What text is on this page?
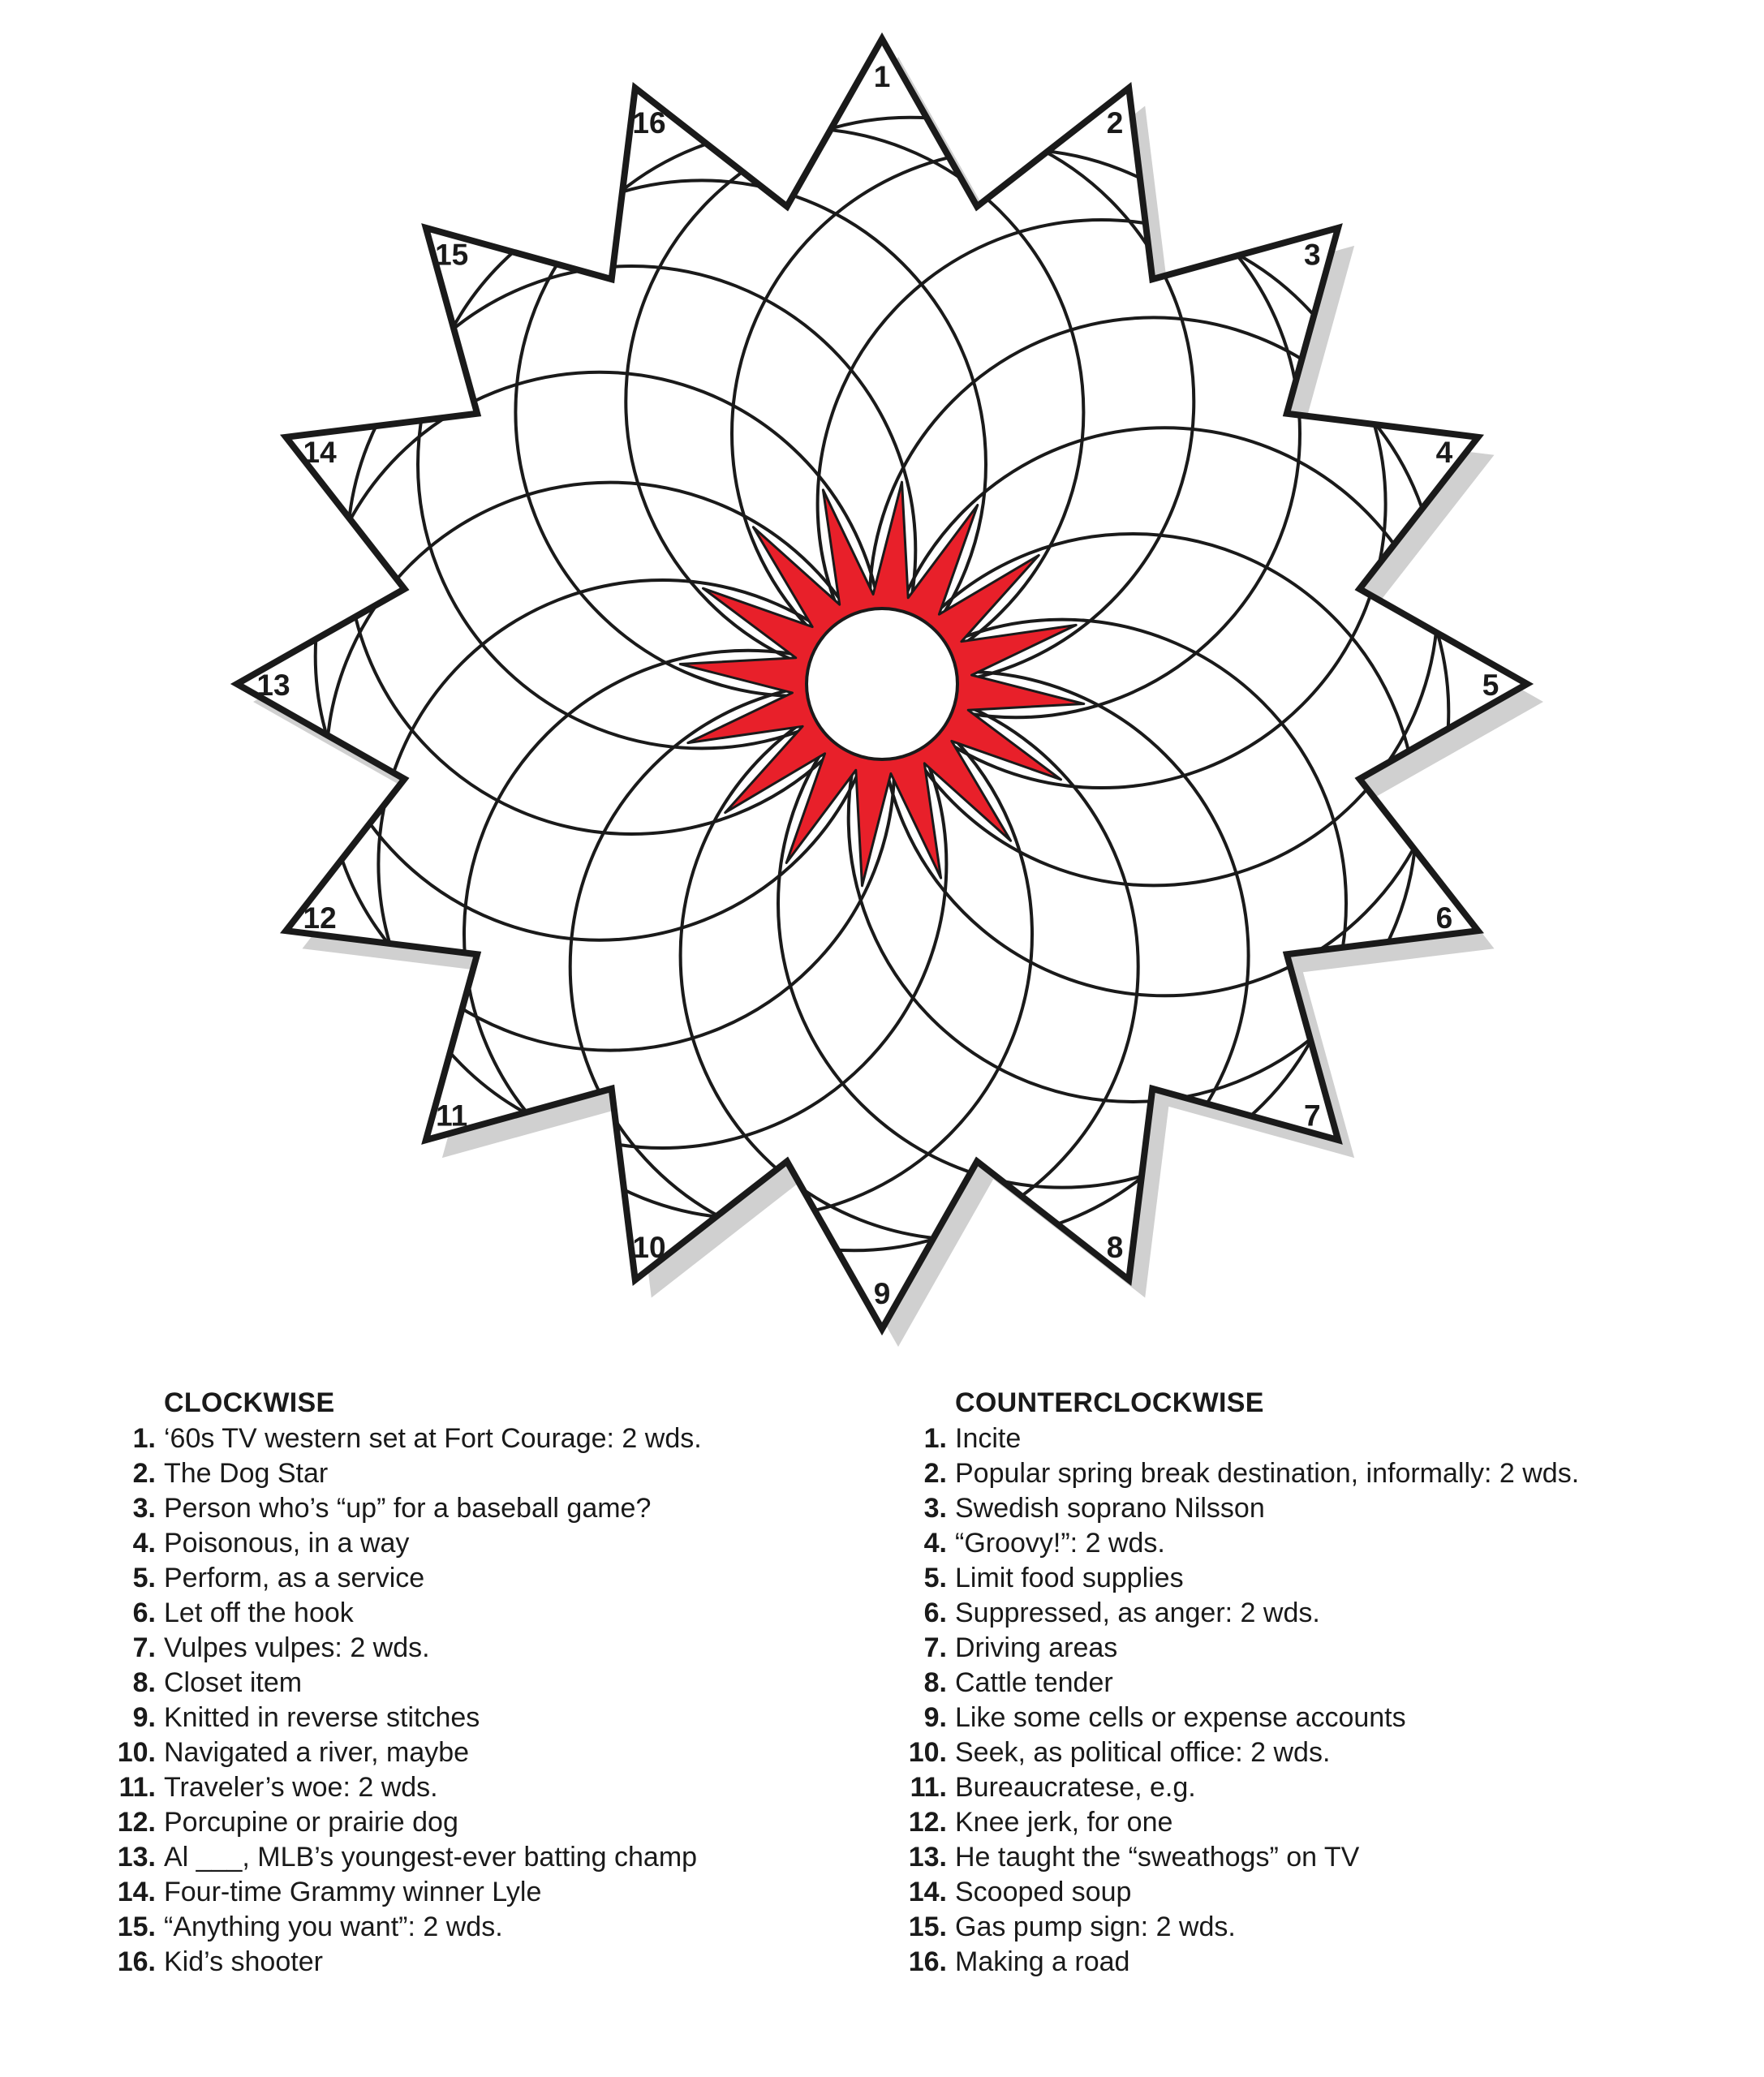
1
2
3
4
5
6
7
8
9
10
11
12
13
14
15
16
CLOCKWISE
1. ‘60s TV western set at Fort Courage: 2 wds.
2. The Dog Star
3. Person who’s “up” for a baseball game?
4. Poisonous, in a way
5. Perform, as a service
6. Let off the hook
7. Vulpes vulpes: 2 wds.
8. Closet item
9. Knitted in reverse stitches
10. Navigated a river, maybe
11. Traveler’s woe: 2 wds.
12. Porcupine or prairie dog
13. Al ___, MLB’s youngest-ever batting champ
14. Four-time Grammy winner Lyle
15. “Anything you want”: 2 wds.
16. Kid’s shooter
COUNTERCLOCKWISE
1. Incite
2. Popular spring break destination, informally: 2 wds.
3. Swedish soprano Nilsson
4. “Groovy!”: 2 wds.
5. Limit food supplies
6. Suppressed, as anger: 2 wds.
7. Driving areas
8. Cattle tender
9. Like some cells or expense accounts
10. Seek, as political office: 2 wds.
11. Bureaucratese, e.g.
12. Knee jerk, for one
13. He taught the “sweathogs” on TV
14. Scooped soup
15. Gas pump sign: 2 wds.
16. Making a road
